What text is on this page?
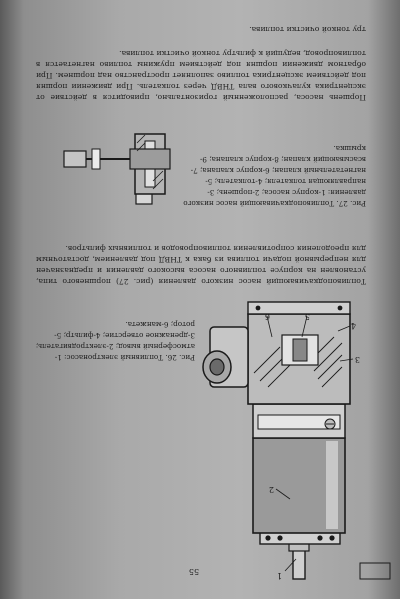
55	1
2
3
4
5
6

Рис. 26. Топливный электронасос: 1-атмосферный вывод; 2-электродвигатель; 3-дренажное отверстие; 4-фильтр; 5-ротор; 6-манжета.

Топливоподкачивающий насос низкого давления (рис. 27) поршневого типа, установлен на корпусе топливного насоса высокого давления и предназначен для непрерывной подачи топлива из бака к ТНВД под давлением, достаточным для преодоления сопротивления топливопроводов и топливных фильтров.

Рис. 27. Топливоподкачивающий насос низкого давления: 1-корпус насоса; 2-поршень; 3-направляющая толкателя; 4-толкатель; 5-нагнетательный клапан; 6-корпус клапана; 7-всасывающий клапан; 8-корпус клапана; 9-крышка.

Поршень насоса, расположенный горизонтально, приводится в действие от эксцентрика кулачкового вала ТНВД через толкатель. При движении поршня под действием эксцентрика топливо заполняет пространство над поршнем. При обратном движении поршня под действием пружины топливо нагнетается в топливопровод, ведущий к фильтру тонкой очистки топлива.

тру тонкой очистки топлива.
